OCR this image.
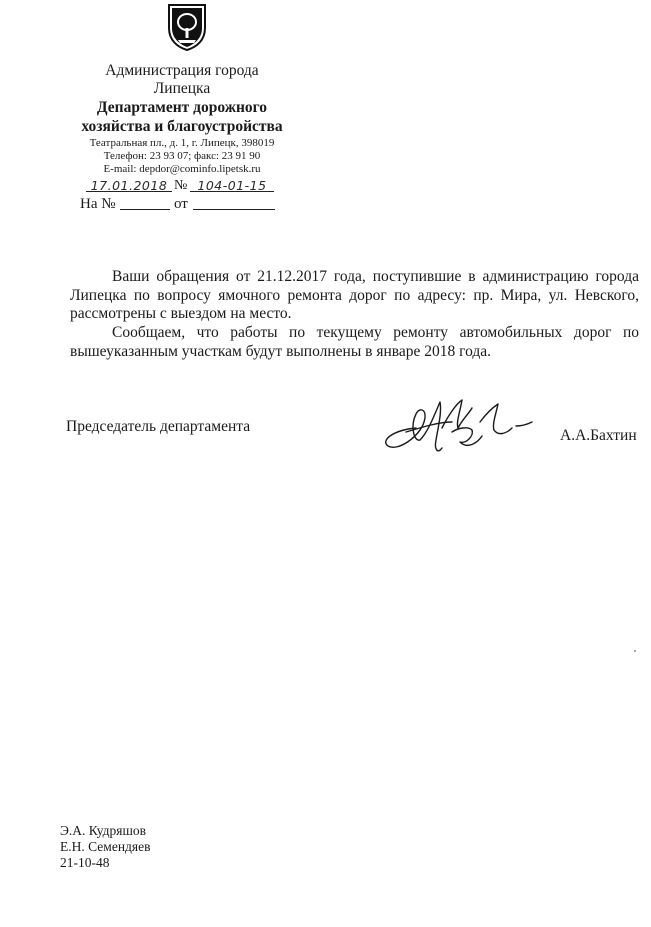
Администрация города
Липецка
Департамент дорожного
хозяйства и благоустройства
Театральная пл., д. 1, г. Липецк, 398019
Телефон: 23 93 07; факс: 23 91 90
E-mail: depdor@cominfo.lipetsk.ru
17.01.2018 № 104-01-15
На №	от
Ваши обращения от 21.12.2017 года, поступившие в администрацию города Липецка по вопросу ямочного ремонта дорог по адресу: пр. Мира, ул. Невского, рассмотрены с выездом на место.
Сообщаем, что работы по текущему ремонту автомобильных дорог по вышеуказанным участкам будут выполнены в январе 2018 года.
Председатель департамента
А.А.Бахтин
Э.А. Кудряшов
Е.Н. Семендяев
21-10-48
